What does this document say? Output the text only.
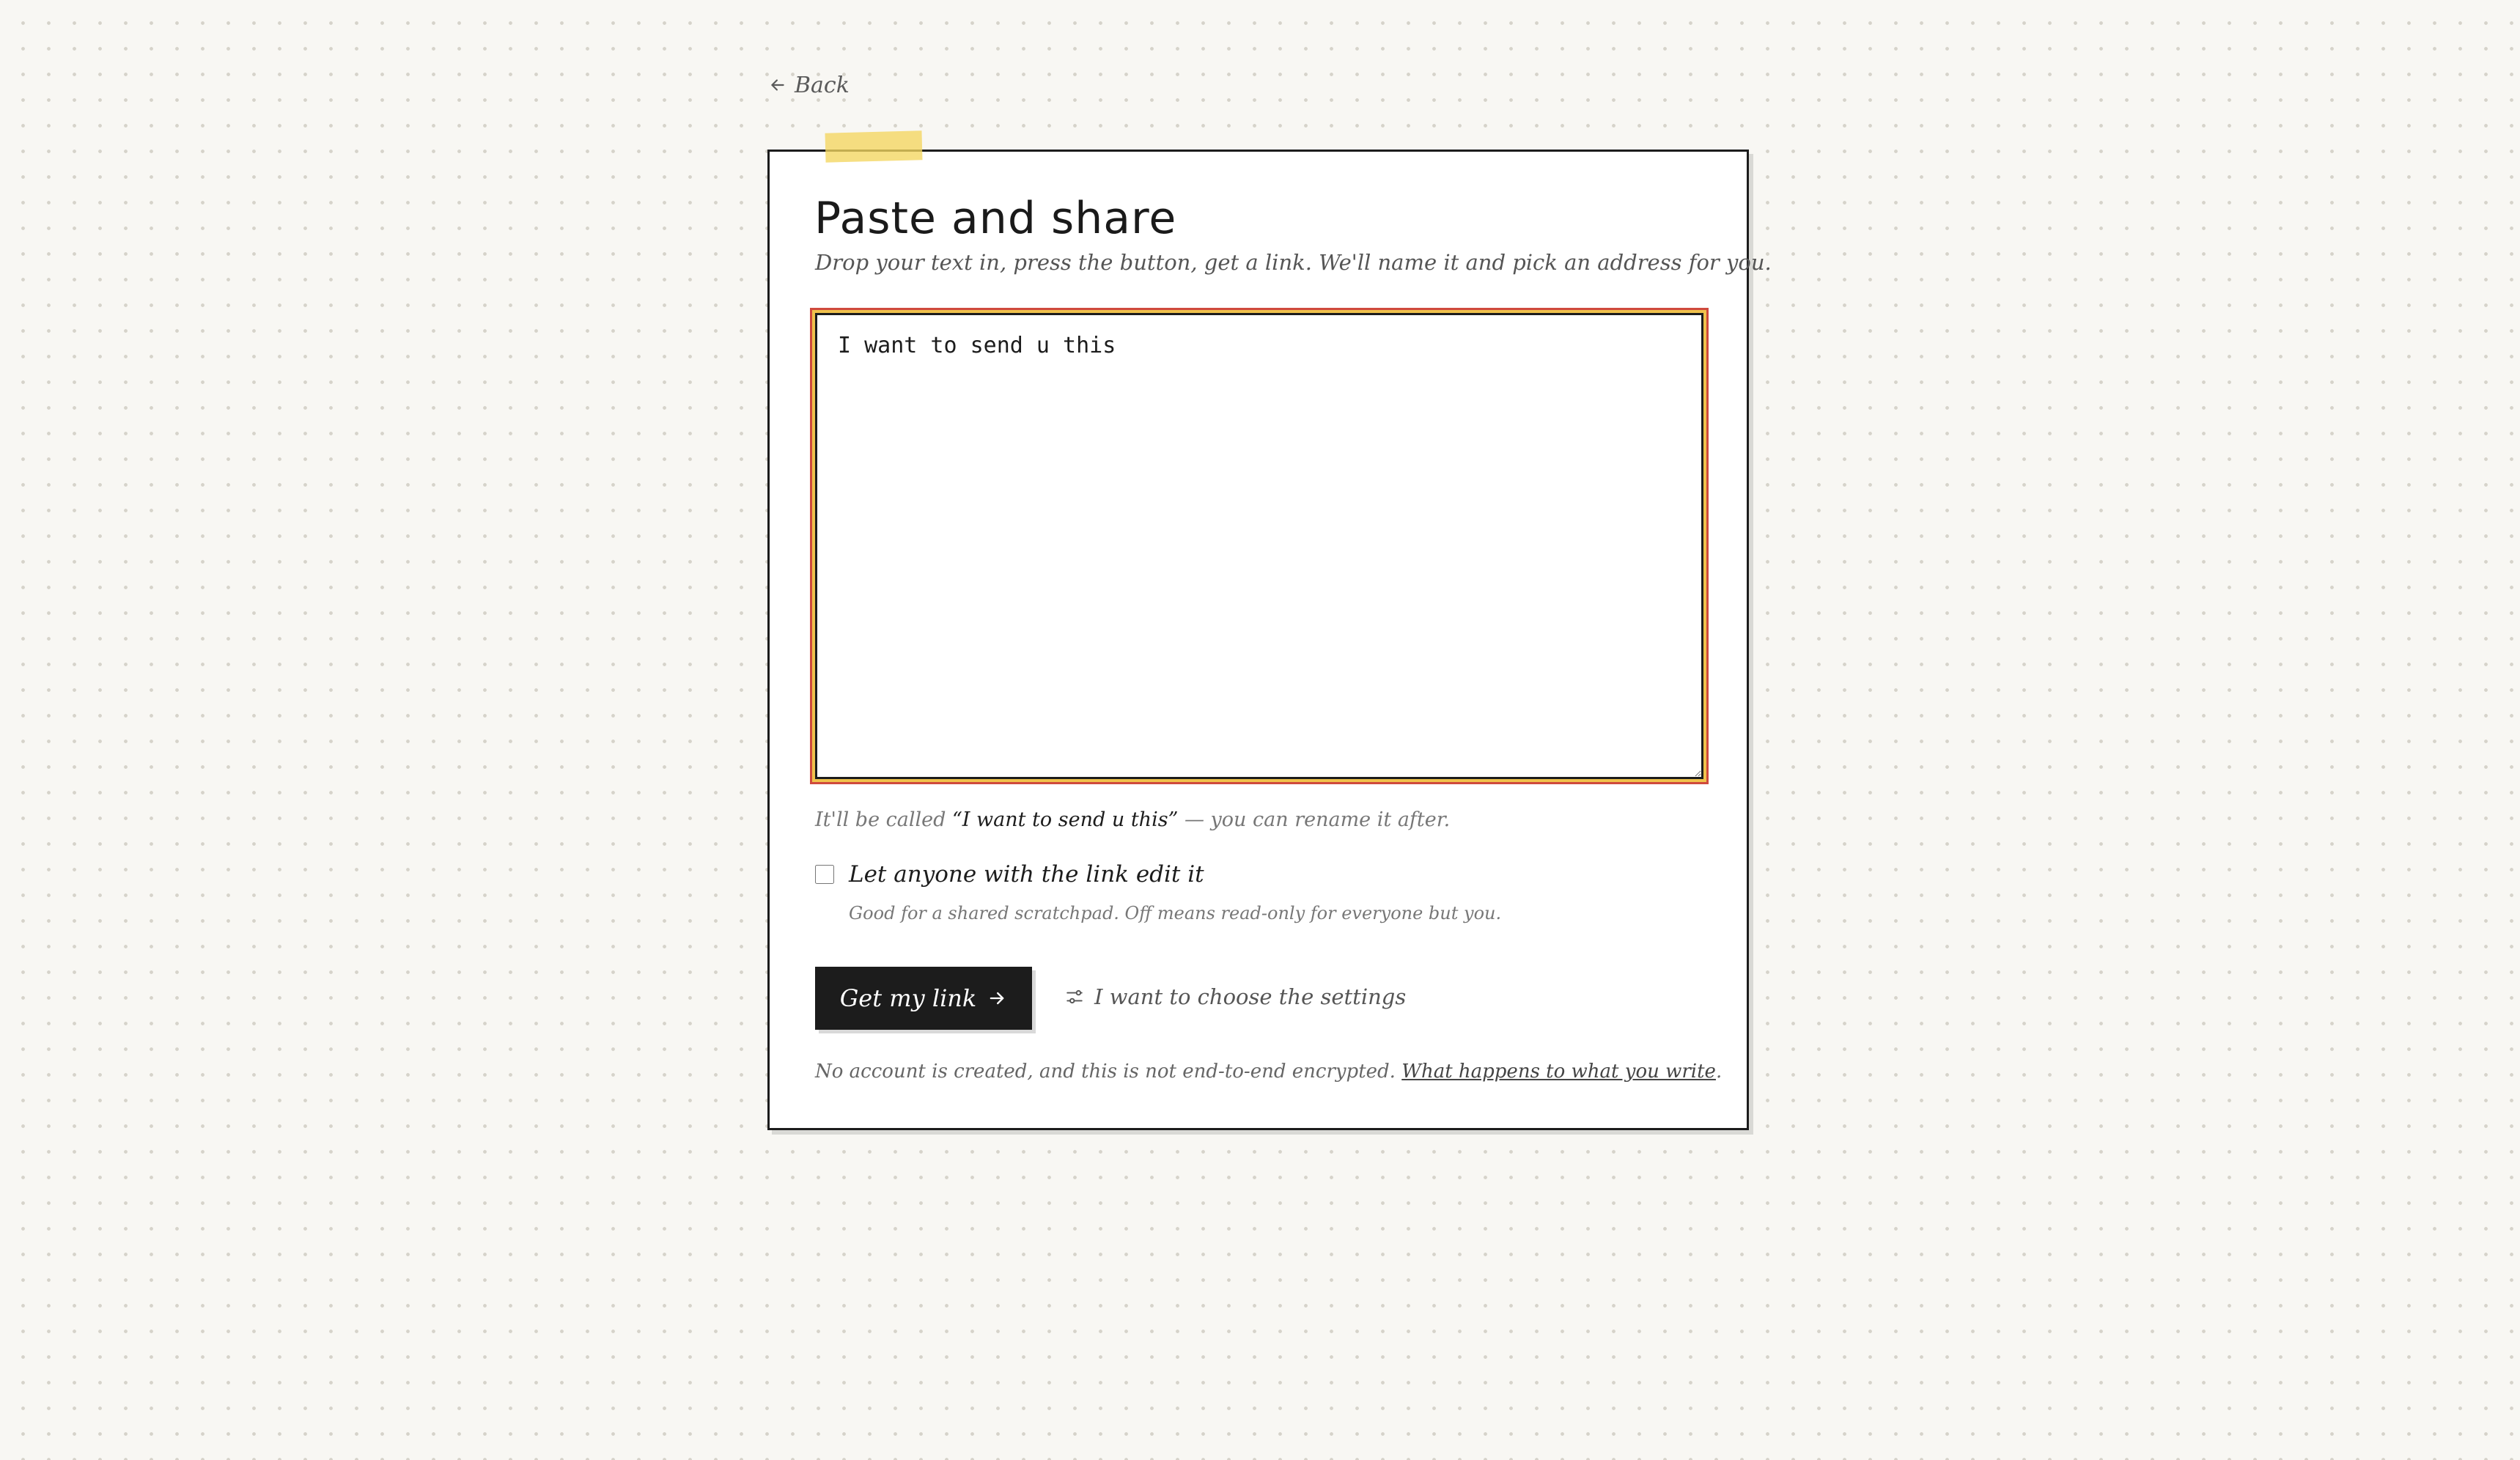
Back
Paste and share

Drop your text in, press the button, get a link. We'll name it and pick an address for you.

I want to send u this

It'll be called “I want to send u this” — you can rename it after.

Let anyone with the link edit it

Good for a shared scratchpad. Off means read-only for everyone but you.

Get my link	I want to choose the settings

No account is created, and this is not end-to-end encrypted. What happens to what you write.
